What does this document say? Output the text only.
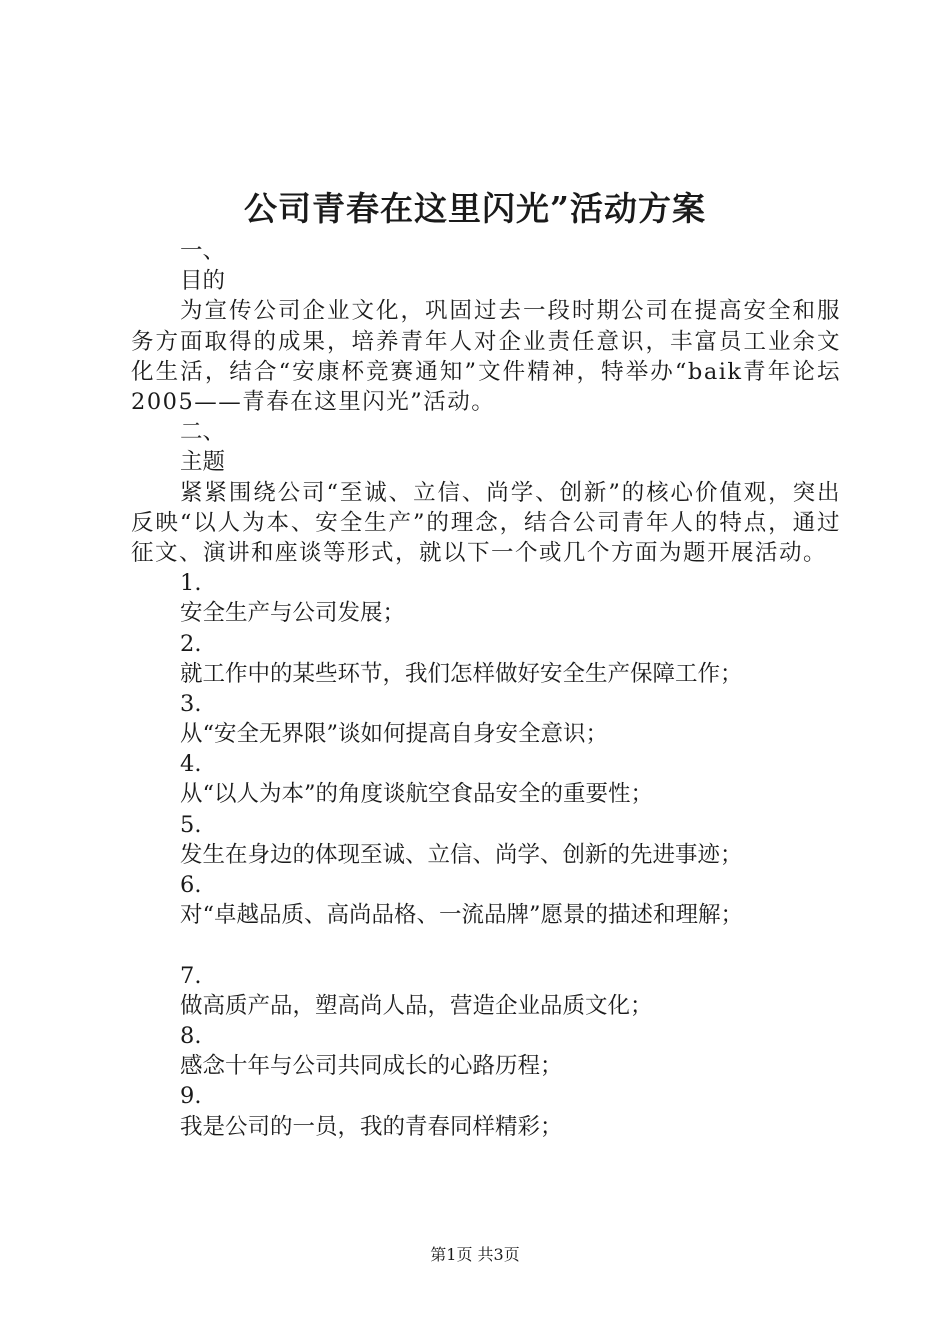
公司青春在这里闪光”活动方案

一、

目的

为宣传公司企业文化，巩固过去一段时期公司在提高安全和服务方面取得的成果，培养青年人对企业责任意识，丰富员工业余文化生活，结合“安康杯竞赛通知”文件精神，特举办“baik青年论坛2005——青春在这里闪光”活动。

二、

主题

紧紧围绕公司“至诚、立信、尚学、创新”的核心价值观，突出反映“以人为本、安全生产”的理念，结合公司青年人的特点，通过征文、演讲和座谈等形式，就以下一个或几个方面为题开展活动。

1.

安全生产与公司发展；

2.

就工作中的某些环节，我们怎样做好安全生产保障工作；

3.

从“安全无界限”谈如何提高自身安全意识；

4.

从“以人为本”的角度谈航空食品安全的重要性；

5.

发生在身边的体现至诚、立信、尚学、创新的先进事迹；

6.

对“卓越品质、高尚品格、一流品牌”愿景的描述和理解；

7.

做高质产品，塑高尚人品，营造企业品质文化；

8.

感念十年与公司共同成长的心路历程；

9.

我是公司的一员，我的青春同样精彩；

第1页 共3页
